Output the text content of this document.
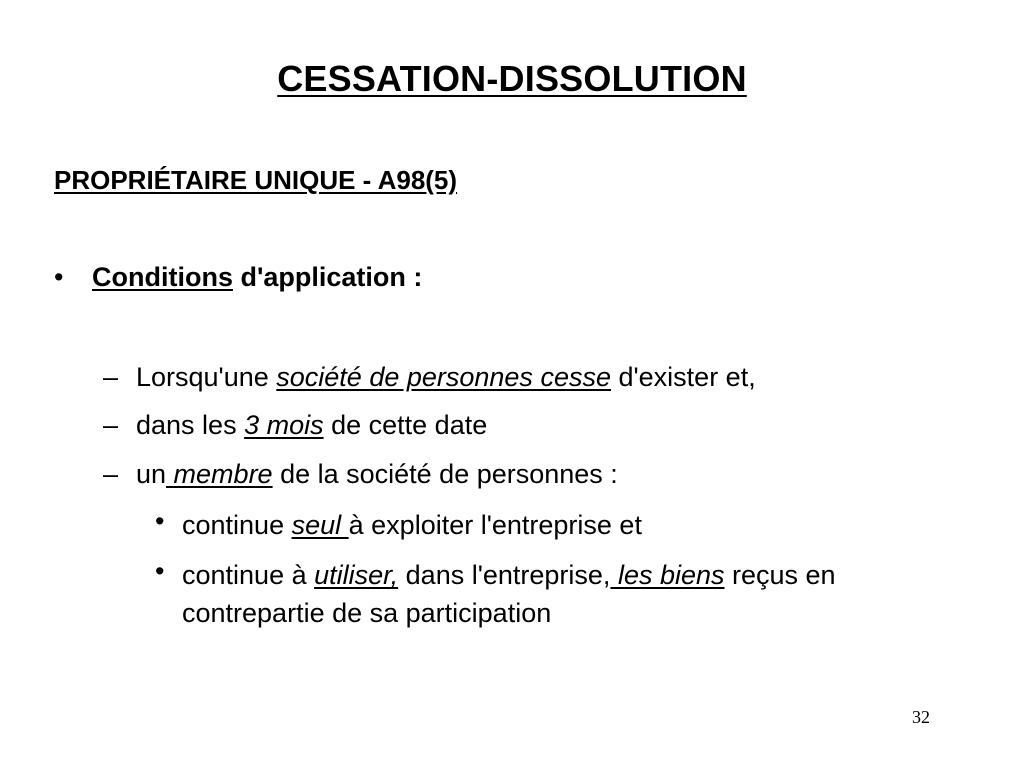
CESSATION-DISSOLUTION
PROPRIÉTAIRE UNIQUE - A98(5)
• Conditions d'application :
– Lorsqu'une société de personnes cesse d'exister et,
– dans les 3 mois de cette date
– un membre de la société de personnes :
• continue seul à exploiter l'entreprise et
• continue à utiliser, dans l'entreprise, les biens reçus en contrepartie de sa participation
32
